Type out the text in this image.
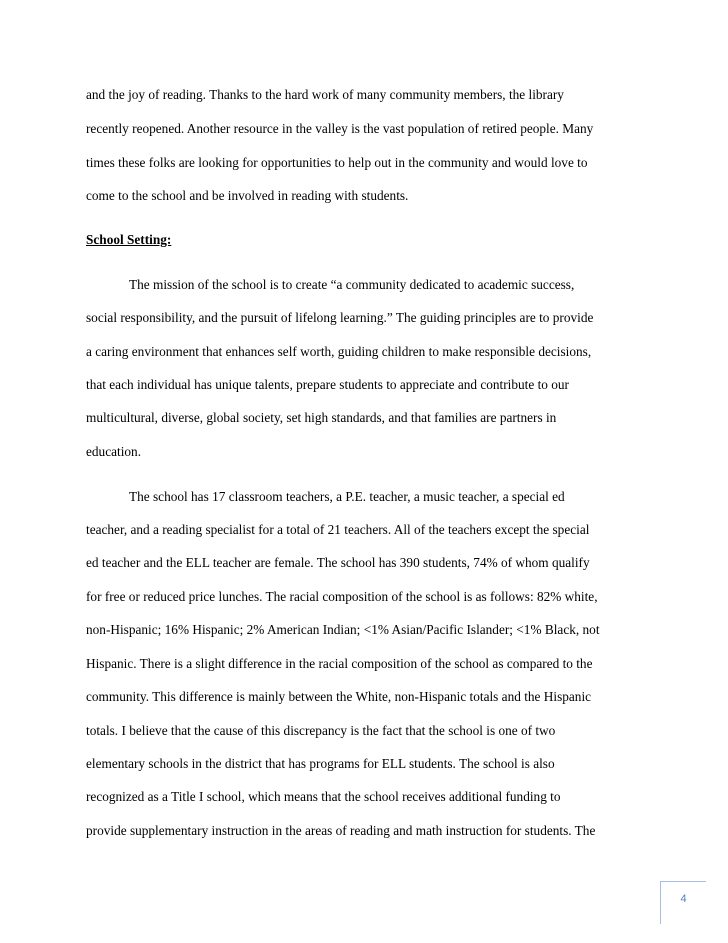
and the joy of reading. Thanks to the hard work of many community members, the library
recently reopened. Another resource in the valley is the vast population of retired people. Many
times these folks are looking for opportunities to help out in the community and would love to
come to the school and be involved in reading with students.
School Setting:
The mission of the school is to create “a community dedicated to academic success,
social responsibility, and the pursuit of lifelong learning.” The guiding principles are to provide
a caring environment that enhances self worth, guiding children to make responsible decisions,
that each individual has unique talents, prepare students to appreciate and contribute to our
multicultural, diverse, global society, set high standards, and that families are partners in
education.
The school has 17 classroom teachers, a P.E. teacher, a music teacher, a special ed
teacher, and a reading specialist for a total of 21 teachers. All of the teachers except the special
ed teacher and the ELL teacher are female. The school has 390 students, 74% of whom qualify
for free or reduced price lunches. The racial composition of the school is as follows: 82% white,
non-Hispanic; 16% Hispanic; 2% American Indian; <1% Asian/Pacific Islander; <1% Black, not
Hispanic. There is a slight difference in the racial composition of the school as compared to the
community. This difference is mainly between the White, non-Hispanic totals and the Hispanic
totals. I believe that the cause of this discrepancy is the fact that the school is one of two
elementary schools in the district that has programs for ELL students. The school is also
recognized as a Title I school, which means that the school receives additional funding to
provide supplementary instruction in the areas of reading and math instruction for students. The
4
